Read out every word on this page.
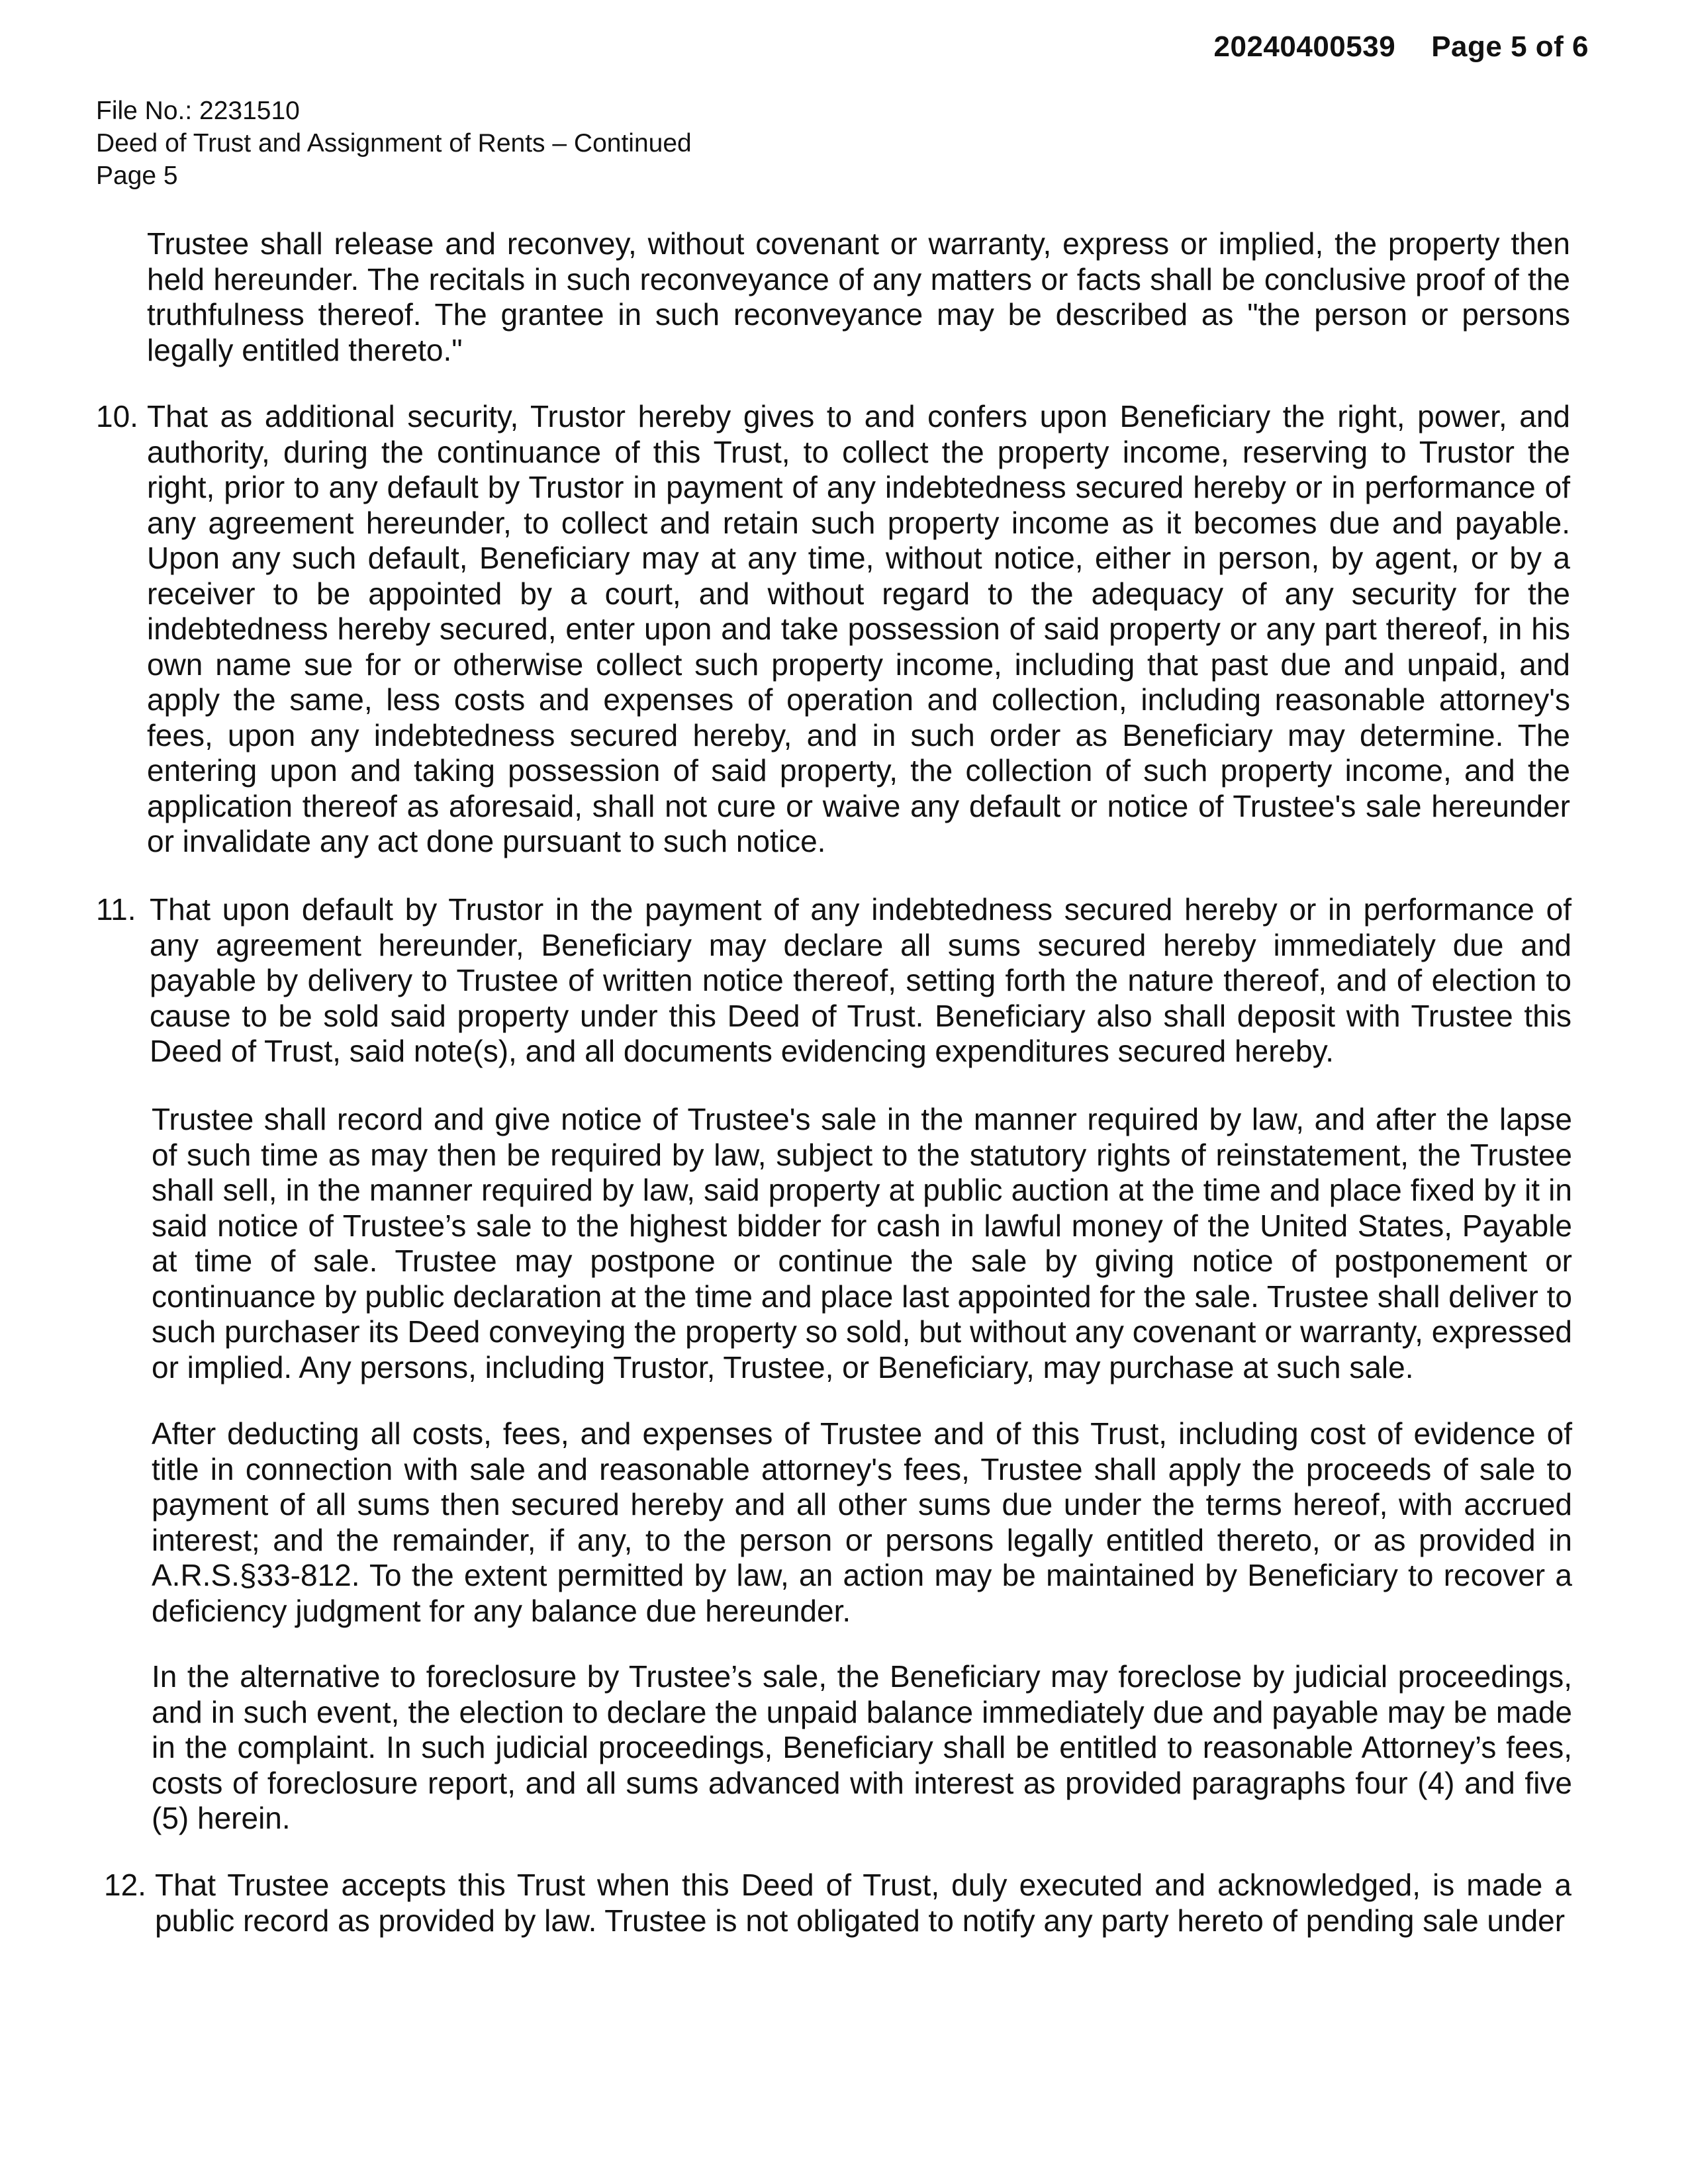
20240400539 Page 5 of 6
File No.: 2231510
Deed of Trust and Assignment of Rents – Continued
Page 5
Trustee shall release and reconvey, without covenant or warranty, express or implied, the property then held hereunder. The recitals in such reconveyance of any matters or facts shall be conclusive proof of the truthfulness thereof. The grantee in such reconveyance may be described as "the person or persons legally entitled thereto."
10. That as additional security, Trustor hereby gives to and confers upon Beneficiary the right, power, and authority, during the continuance of this Trust, to collect the property income, reserving to Trustor the right, prior to any default by Trustor in payment of any indebtedness secured hereby or in performance of any agreement hereunder, to collect and retain such property income as it becomes due and payable. Upon any such default, Beneficiary may at any time, without notice, either in person, by agent, or by a receiver to be appointed by a court, and without regard to the adequacy of any security for the indebtedness hereby secured, enter upon and take possession of said property or any part thereof, in his own name sue for or otherwise collect such property income, including that past due and unpaid, and apply the same, less costs and expenses of operation and collection, including reasonable attorney's fees, upon any indebtedness secured hereby, and in such order as Beneficiary may determine. The entering upon and taking possession of said property, the collection of such property income, and the application thereof as aforesaid, shall not cure or waive any default or notice of Trustee's sale hereunder or invalidate any act done pursuant to such notice.
11. That upon default by Trustor in the payment of any indebtedness secured hereby or in performance of any agreement hereunder, Beneficiary may declare all sums secured hereby immediately due and payable by delivery to Trustee of written notice thereof, setting forth the nature thereof, and of election to cause to be sold said property under this Deed of Trust. Beneficiary also shall deposit with Trustee this Deed of Trust, said note(s), and all documents evidencing expenditures secured hereby.
Trustee shall record and give notice of Trustee's sale in the manner required by law, and after the lapse of such time as may then be required by law, subject to the statutory rights of reinstatement, the Trustee shall sell, in the manner required by law, said property at public auction at the time and place fixed by it in said notice of Trustee’s sale to the highest bidder for cash in lawful money of the United States, Payable at time of sale. Trustee may postpone or continue the sale by giving notice of postponement or continuance by public declaration at the time and place last appointed for the sale. Trustee shall deliver to such purchaser its Deed conveying the property so sold, but without any covenant or warranty, expressed or implied. Any persons, including Trustor, Trustee, or Beneficiary, may purchase at such sale.
After deducting all costs, fees, and expenses of Trustee and of this Trust, including cost of evidence of title in connection with sale and reasonable attorney's fees, Trustee shall apply the proceeds of sale to payment of all sums then secured hereby and all other sums due under the terms hereof, with accrued interest; and the remainder, if any, to the person or persons legally entitled thereto, or as provided in A.R.S.§33-812. To the extent permitted by law, an action may be maintained by Beneficiary to recover a deficiency judgment for any balance due hereunder.
In the alternative to foreclosure by Trustee’s sale, the Beneficiary may foreclose by judicial proceedings, and in such event, the election to declare the unpaid balance immediately due and payable may be made in the complaint. In such judicial proceedings, Beneficiary shall be entitled to reasonable Attorney’s fees, costs of foreclosure report, and all sums advanced with interest as provided paragraphs four (4) and five (5) herein.
12. That Trustee accepts this Trust when this Deed of Trust, duly executed and acknowledged, is made a public record as provided by law. Trustee is not obligated to notify any party hereto of pending sale under
